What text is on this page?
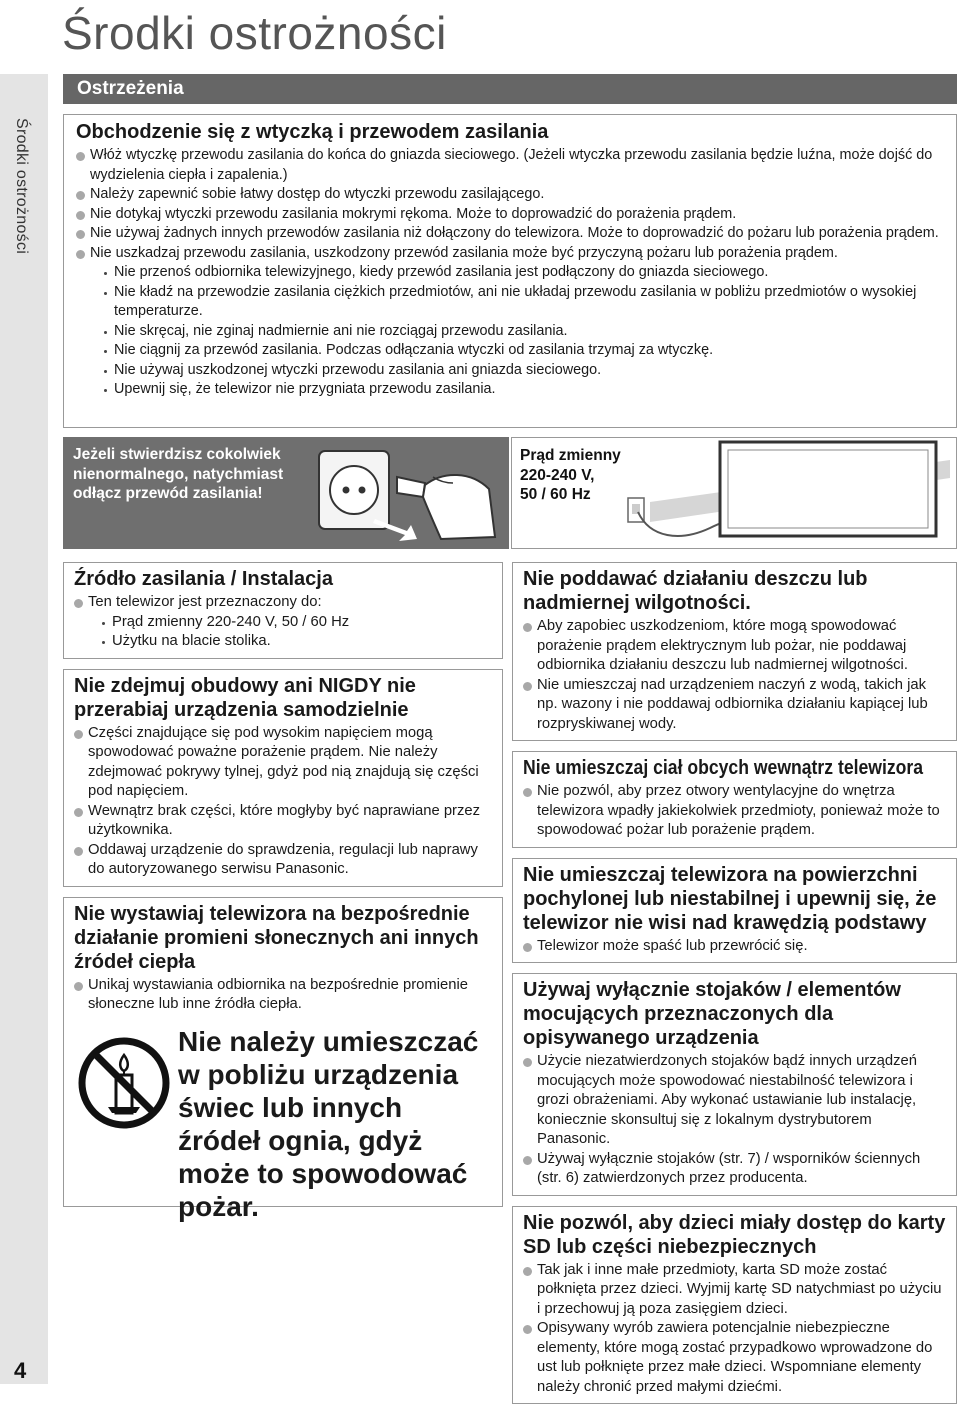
Środki ostrożności
Środki ostrożności
4
Ostrzeżenia
Obchodzenie się z wtyczką i przewodem zasilania
Włóż wtyczkę przewodu zasilania do końca do gniazda sieciowego. (Jeżeli wtyczka przewodu zasilania będzie luźna, może dojść do wydzielenia ciepła i zapalenia.)
Należy zapewnić sobie łatwy dostęp do wtyczki przewodu zasilającego.
Nie dotykaj wtyczki przewodu zasilania mokrymi rękoma. Może to doprowadzić do porażenia prądem.
Nie używaj żadnych innych przewodów zasilania niż dołączony do telewizora. Może to doprowadzić do pożaru lub porażenia prądem.
Nie uszkadzaj przewodu zasilania, uszkodzony przewód zasilania może być przyczyną pożaru lub porażenia prądem.
Nie przenoś odbiornika telewizyjnego, kiedy przewód zasilania jest podłączony do gniazda sieciowego.
Nie kładź na przewodzie zasilania ciężkich przedmiotów, ani nie układaj przewodu zasilania w pobliżu przedmiotów o wysokiej temperaturze.
Nie skręcaj, nie zginaj nadmiernie ani nie rozciągaj przewodu zasilania.
Nie ciągnij za przewód zasilania. Podczas odłączania wtyczki od zasilania trzymaj za wtyczkę.
Nie używaj uszkodzonej wtyczki przewodu zasilania ani gniazda sieciowego.
Upewnij się, że telewizor nie przygniata przewodu zasilania.
Jeżeli stwierdzisz cokolwiek nienormalnego, natychmiast odłącz przewód zasilania!
Prąd zmienny
220-240 V,
50 / 60 Hz
Źródło zasilania / Instalacja
Ten telewizor jest przeznaczony do:
Prąd zmienny 220-240 V, 50 / 60 Hz
Użytku na blacie stolika.
Nie zdejmuj obudowy ani NIGDY nie przerabiaj urządzenia samodzielnie
Części znajdujące się pod wysokim napięciem mogą spowodować poważne porażenie prądem. Nie należy zdejmować pokrywy tylnej, gdyż pod nią znajdują się części pod napięciem.
Wewnątrz brak części, które mogłyby być naprawiane przez użytkownika.
Oddawaj urządzenie do sprawdzenia, regulacji lub naprawy do autoryzowanego serwisu Panasonic.
Nie wystawiaj telewizora na bezpośrednie działanie promieni słonecznych ani innych źródeł ciepła
Unikaj wystawiania odbiornika na bezpośrednie promienie słoneczne lub inne źródła ciepła.
Nie należy umieszczać w pobliżu urządzenia świec lub innych źródeł ognia, gdyż może to spowodować pożar.
Nie poddawać działaniu deszczu lub nadmiernej wilgotności.
Aby zapobiec uszkodzeniom, które mogą spowodować porażenie prądem elektrycznym lub pożar, nie poddawaj odbiornika działaniu deszczu lub nadmiernej wilgotności.
Nie umieszczaj nad urządzeniem naczyń z wodą, takich jak np. wazony i nie poddawaj odbiornika działaniu kapiącej lub rozpryskiwanej wody.
Nie umieszczaj ciał obcych wewnątrz telewizora
Nie pozwól, aby przez otwory wentylacyjne do wnętrza telewizora wpadły jakiekolwiek przedmioty, ponieważ może to spowodować pożar lub porażenie prądem.
Nie umieszczaj telewizora na powierzchni pochylonej lub niestabilnej i upewnij się, że telewizor nie wisi nad krawędzią podstawy
Telewizor może spaść lub przewrócić się.
Używaj wyłącznie stojaków / elementów mocujących przeznaczonych dla opisywanego urządzenia
Użycie niezatwierdzonych stojaków bądź innych urządzeń mocujących może spowodować niestabilność telewizora i grozi obrażeniami. Aby wykonać ustawianie lub instalację, koniecznie skonsultuj się z lokalnym dystrybutorem Panasonic.
Używaj wyłącznie stojaków (str. 7) / wsporników ściennych (str. 6) zatwierdzonych przez producenta.
Nie pozwól, aby dzieci miały dostęp do karty SD lub części niebezpiecznych
Tak jak i inne małe przedmioty, karta SD może zostać połknięta przez dzieci. Wyjmij kartę SD natychmiast po użyciu i przechowuj ją poza zasięgiem dzieci.
Opisywany wyrób zawiera potencjalnie niebezpieczne elementy, które mogą zostać przypadkowo wprowadzone do ust lub połknięte przez małe dzieci. Wspomniane elementy należy chronić przed małymi dziećmi.
